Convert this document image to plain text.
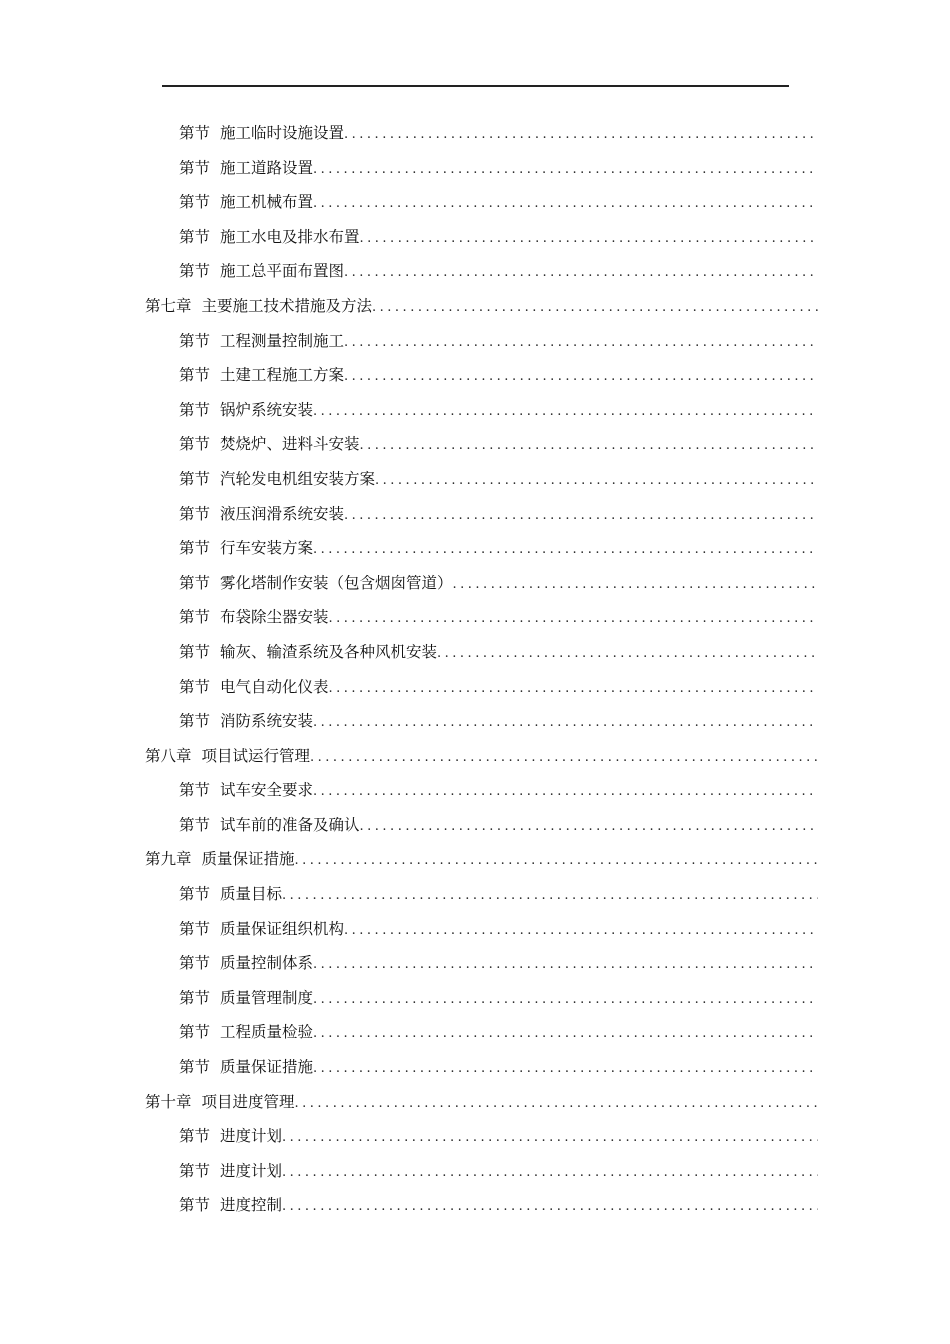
第节 施工临时设施设置
.....
第节 施工道路设置
.....
第节 施工机械布置
.....
第节 施工水电及排水布置
.....
第节 施工总平面布置图
.....
第七章 主要施工技术措施及方法
.....
第节 工程测量控制施工
.....
第节 土建工程施工方案
.....
第节 锅炉系统安装
.....
第节 焚烧炉、进料斗安装
.....
第节 汽轮发电机组安装方案
.....
第节 液压润滑系统安装
.....
第节 行车安装方案
.....
第节 雾化塔制作安装（包含烟囱管道）
.....
第节 布袋除尘器安装
.....
第节 输灰、输渣系统及各种风机安装
.....
第节 电气自动化仪表
.....
第节 消防系统安装
.....
第八章 项目试运行管理
.....
第节 试车安全要求
.....
第节 试车前的准备及确认
.....
第九章 质量保证措施
.....
第节 质量目标
.....
第节 质量保证组织机构
.....
第节 质量控制体系
.....
第节 质量管理制度
.....
第节 工程质量检验
.....
第节 质量保证措施
.....
第十章 项目进度管理
.....
第节 进度计划
.....
第节 进度计划
.....
第节 进度控制
.....
